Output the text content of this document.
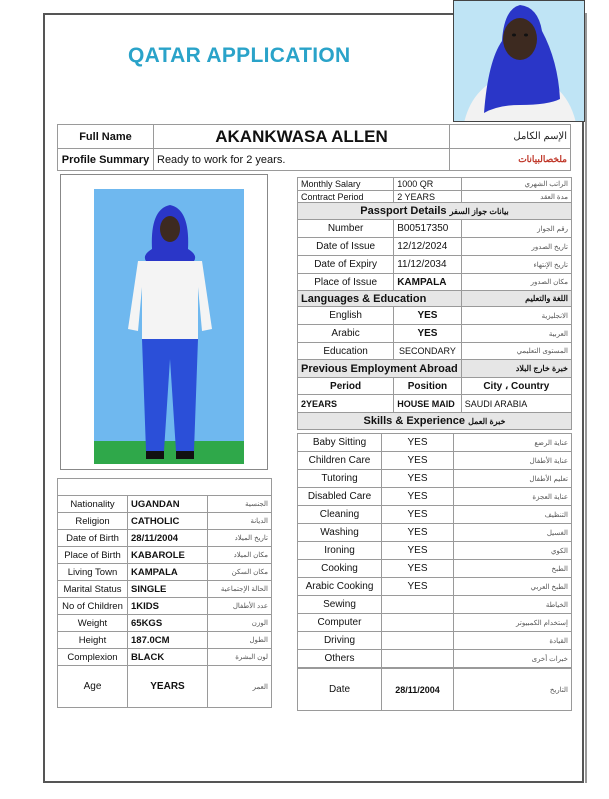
QATAR APPLICATION
Full Name	AKANKWASA ALLEN	الإسم الكامل
Profile Summary	Ready to work for 2 years.	ملخصالبيانات
Monthly Salary	1000 QR	الراتب الشهري
Contract Period	2 YEARS	مدة العقد
Passport Details بيانات جواز السفر		
Number	B00517350	رقم الجواز
Date of Issue	12/12/2024	تاريخ الصدور
Date of Expiry	11/12/2034	تاريخ الإنتهاء
Place of Issue	KAMPALA	مكان الصدور
Languages & Education		اللغة والتعليم
English	YES	الانجليزية
Arabic	YES	العربية
Education	SECONDARY	المستوى التعليمي
Previous Employment Abroad		خبرة خارج البلاد
Period	Position	City ، Country
2YEARS	HOUSE MAID	SAUDI ARABIA
Skills & Experience خبرة العمل		
Baby Sitting	YES	عناية الرضع
Children Care	YES	عناية الأطفال
Tutoring	YES	تعليم الأطفال
Disabled Care	YES	عناية العجزة
Cleaning	YES	التنظيف
Washing	YES	الغسيل
Ironing	YES	الكوي
Cooking	YES	الطبخ
Arabic Cooking	YES	الطبخ العربي
Sewing		الخياطة
Computer		إستخدام الكمبيوتر
Driving		القيادة
Others		خبرات أخرى
Date	28/11/2004	التاريخ

Nationality	UGANDAN	الجنسية
Religion	CATHOLIC	الديانة
Date of Birth	28/11/2004	تاريخ الميلاد
Place of Birth	KABAROLE	مكان الميلاد
Living Town	KAMPALA	مكان السكن
Marital Status	SINGLE	الحالة الإجتماعية
No of Children	1KIDS	عدد الأطفال
Weight	65KGS	الوزن
Height	187.0CM	الطول
Complexion	BLACK	لون البشرة
Age	YEARS	العمر
